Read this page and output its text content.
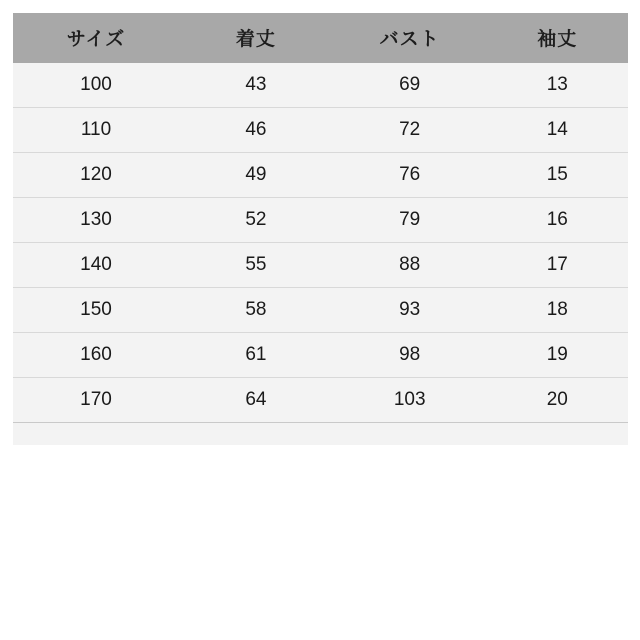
サイズ	着丈	バスト	袖丈
100	43	69	13
110	46	72	14
120	49	76	15
130	52	79	16
140	55	88	17
150	58	93	18
160	61	98	19
170	64	103	20
